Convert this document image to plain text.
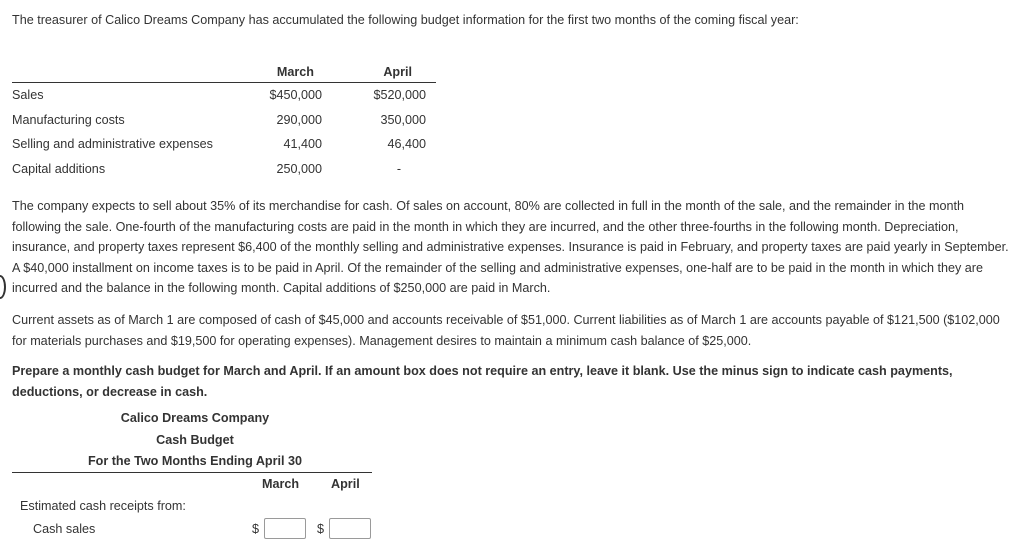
The treasurer of Calico Dreams Company has accumulated the following budget information for the first two months of the coming fiscal year:

	March	April
Sales	$450,000	$520,000
Manufacturing costs	290,000	350,000
Selling and administrative expenses	41,400	46,400
Capital additions	250,000	-

The company expects to sell about 35% of its merchandise for cash. Of sales on account, 80% are collected in full in the month of the sale, and the remainder in the month following the sale. One-fourth of the manufacturing costs are paid in the month in which they are incurred, and the other three-fourths in the following month. Depreciation, insurance, and property taxes represent $6,400 of the monthly selling and administrative expenses. Insurance is paid in February, and property taxes are paid yearly in September. A $40,000 installment on income taxes is to be paid in April. Of the remainder of the selling and administrative expenses, one-half are to be paid in the month in which they are incurred and the balance in the following month. Capital additions of $250,000 are paid in March.

Current assets as of March 1 are composed of cash of $45,000 and accounts receivable of $51,000. Current liabilities as of March 1 are accounts payable of $121,500 ($102,000 for materials purchases and $19,500 for operating expenses). Management desires to maintain a minimum cash balance of $25,000.

Prepare a monthly cash budget for March and April. If an amount box does not require an entry, leave it blank. Use the minus sign to indicate cash payments, deductions, or decrease in cash.

Calico Dreams Company
Cash Budget
For the Two Months Ending April 30
March	April
Estimated cash receipts from:
Cash sales	$	$
